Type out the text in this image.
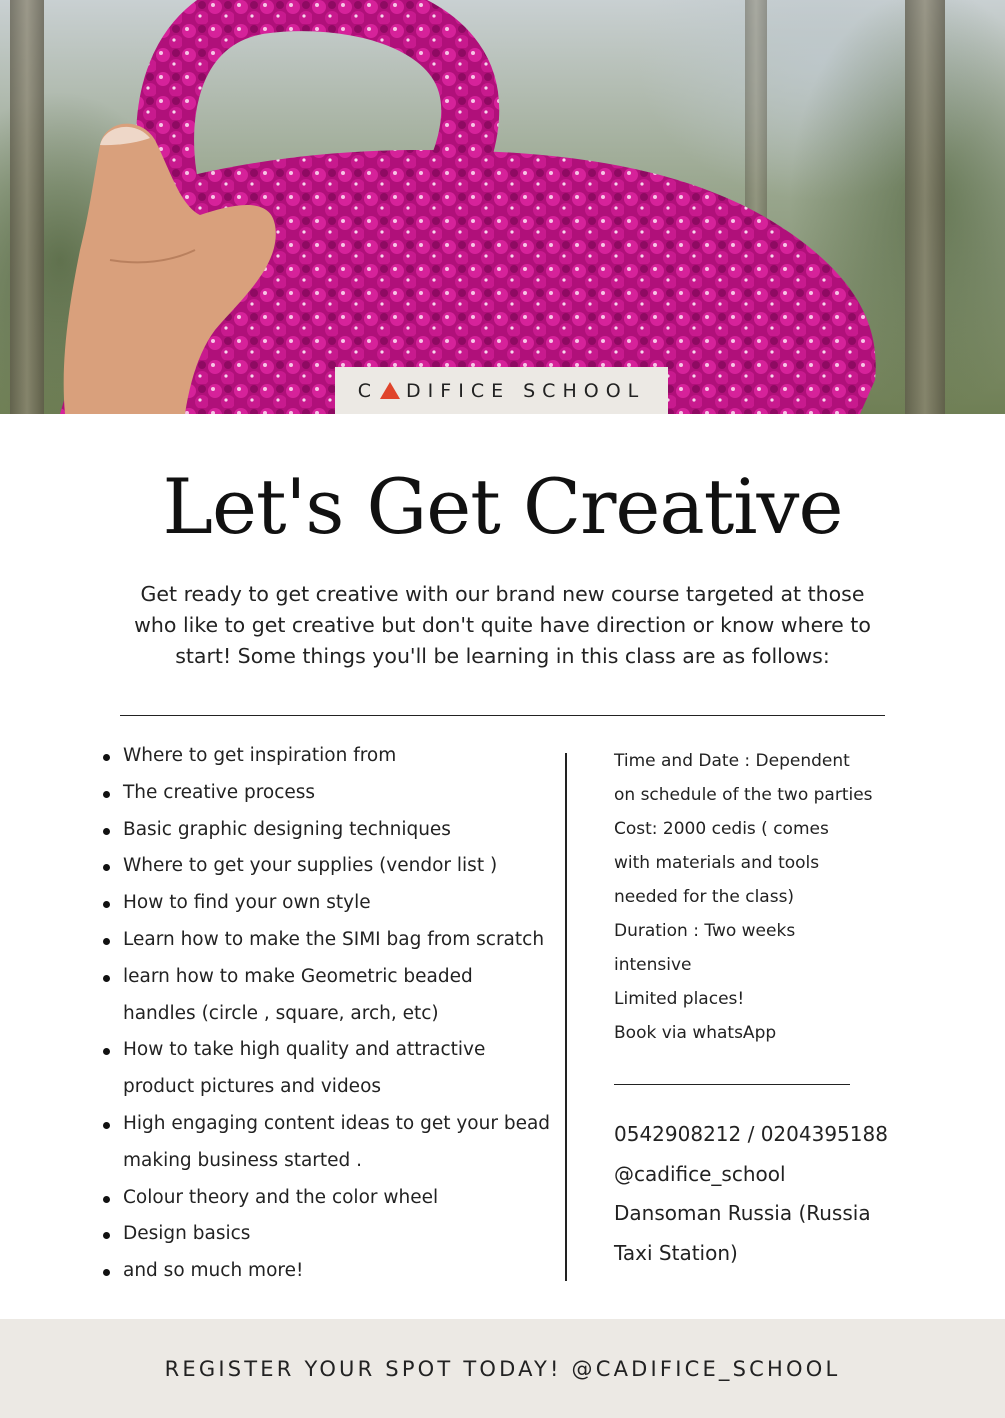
C DIFICE SCHOOL
Let's Get Creative

Get ready to get creative with our brand new course targeted at those who like to get creative but don't quite have direction or know where to start! Some things you'll be learning in this class are as follows:

Where to get inspiration from
The creative process
Basic graphic designing techniques
Where to get your supplies (vendor list )
How to find your own style
Learn how to make the SIMI bag from scratch
learn how to make Geometric beaded handles (circle , square, arch, etc)
How to take high quality and attractive product pictures and videos
High engaging content ideas to get your bead making business started .
Colour theory and the color wheel
Design basics
and so much more!
Time and Date : Dependent
on schedule of the two parties
Cost: 2000 cedis ( comes
with materials and tools
needed for the class)
Duration : Two weeks
intensive
Limited places!
Book via whatsApp
0542908212 / 0204395188
@cadifice_school
Dansoman Russia (Russia
Taxi Station)
REGISTER YOUR SPOT TODAY! @CADIFICE_SCHOOL
